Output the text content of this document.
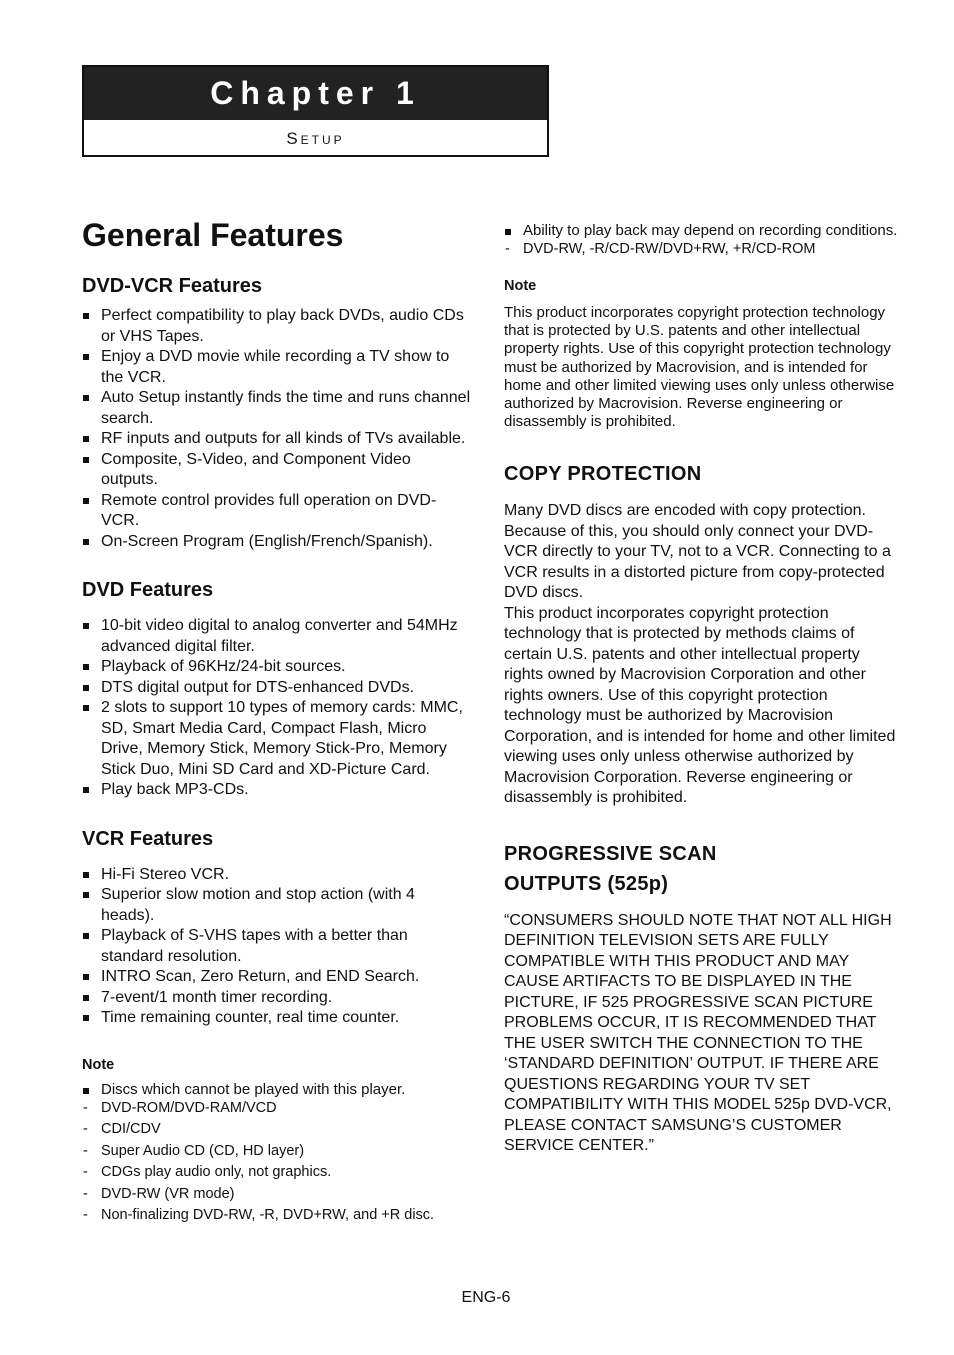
Chapter 1
Setup
General Features
DVD-VCR Features
Perfect compatibility to play back DVDs, audio CDs or VHS Tapes.
Enjoy a DVD movie while recording a TV show to the VCR.
Auto Setup instantly finds the time and runs channel search.
RF inputs and outputs for all kinds of TVs available.
Composite, S-Video, and Component Video outputs.
Remote control provides full operation on DVD-VCR.
On-Screen Program (English/French/Spanish).
DVD Features
10-bit video digital to analog converter and 54MHz advanced digital filter.
Playback of 96KHz/24-bit sources.
DTS digital output for DTS-enhanced DVDs.
2 slots to support 10 types of memory cards: MMC, SD, Smart Media Card, Compact Flash, Micro Drive, Memory Stick, Memory Stick-Pro, Memory Stick Duo, Mini SD Card and XD-Picture Card.
Play back MP3-CDs.
VCR Features
Hi-Fi Stereo VCR.
Superior slow motion and stop action (with 4 heads).
Playback of S-VHS tapes with a better than standard resolution.
INTRO Scan, Zero Return, and END Search.
7-event/1 month timer recording.
Time remaining counter, real time counter.
Note
Discs which cannot be played with this player.
- DVD-ROM/DVD-RAM/VCD
- CDI/CDV
- Super Audio CD (CD, HD layer)
- CDGs play audio only, not graphics.
- DVD-RW (VR mode)
- Non-finalizing DVD-RW, -R, DVD+RW, and +R disc.
Ability to play back may depend on recording conditions.
- DVD-RW, -R/CD-RW/DVD+RW, +R/CD-ROM
Note

This product incorporates copyright protection technology that is protected by U.S. patents and other intellectual property rights. Use of this copyright protection technology must be authorized by Macrovision, and is intended for home and other limited viewing uses only unless otherwise authorized by Macrovision. Reverse engineering or disassembly is prohibited.

COPY PROTECTION

Many DVD discs are encoded with copy protection. Because of this, you should only connect your DVD-VCR directly to your TV, not to a VCR. Connecting to a VCR results in a distorted picture from copy-protected DVD discs.

This product incorporates copyright protection technology that is protected by methods claims of certain U.S. patents and other intellectual property rights owned by Macrovision Corporation and other rights owners. Use of this copyright protection technology must be authorized by Macrovision Corporation, and is intended for home and other limited viewing uses only unless otherwise authorized by Macrovision Corporation. Reverse engineering or disassembly is prohibited.

PROGRESSIVE SCAN OUTPUTS (525p)

“CONSUMERS SHOULD NOTE THAT NOT ALL HIGH DEFINITION TELEVISION SETS ARE FULLY COMPATIBLE WITH THIS PRODUCT AND MAY CAUSE ARTIFACTS TO BE DISPLAYED IN THE PICTURE, IF 525 PROGRESSIVE SCAN PICTURE PROBLEMS OCCUR, IT IS RECOMMENDED THAT THE USER SWITCH THE CONNECTION TO THE ‘STANDARD DEFINITION’ OUTPUT. IF THERE ARE QUESTIONS REGARDING YOUR TV SET COMPATIBILITY WITH THIS MODEL 525p DVD-VCR, PLEASE CONTACT SAMSUNG’S CUSTOMER SERVICE CENTER.”

ENG-6
